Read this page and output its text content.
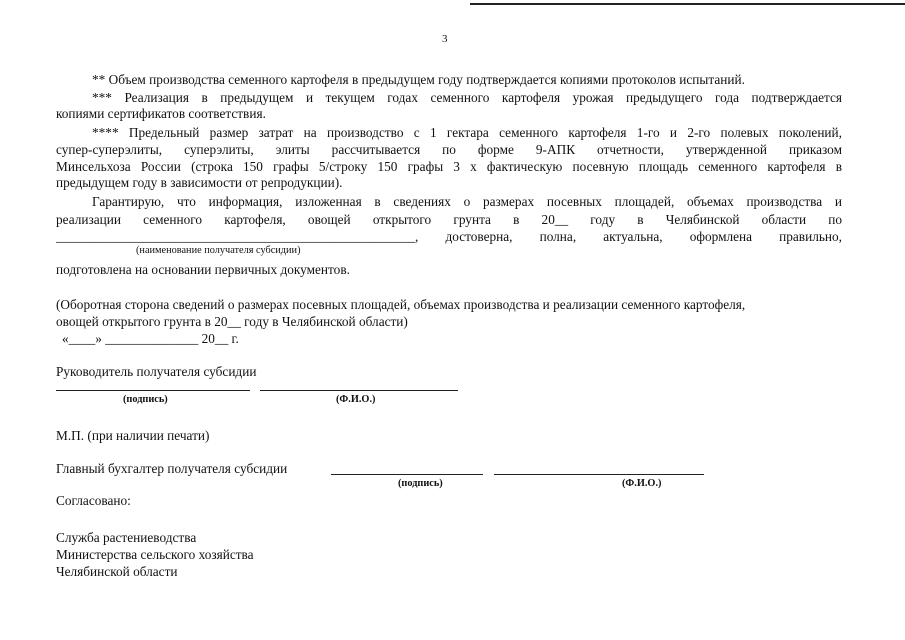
3
** Объем производства семенного картофеля в предыдущем году подтверждается копиями протоколов испытаний.
*** Реализация в предыдущем и текущем годах семенного картофеля урожая предыдущего года подтверждается
копиями сертификатов соответствия.
**** Предельный размер затрат на производство с 1 гектара семенного картофеля 1-го и 2-го полевых поколений,
супер-суперэлиты, суперэлиты, элиты рассчитывается по форме 9-АПК отчетности, утвержденной приказом
Минсельхоза России (строка 150 графы 5/строку 150 графы 3 х фактическую посевную площадь семенного картофеля в
предыдущем году в зависимости от репродукции).
Гарантирую, что информация, изложенная в сведениях о размерах посевных площадей, объемах производства и
реализации семенного картофеля, овощей открытого грунта в 20__ году в Челябинской области по
______________________________________________________, достоверна, полна, актуальна, оформлена правильно,
(наименование получателя субсидии)
подготовлена на основании первичных документов.
(Оборотная сторона сведений о размерах посевных площадей, объемах производства и реализации семенного картофеля,
овощей открытого грунта в 20__ году в Челябинской области)
«____» ______________ 20__ г.
Руководитель получателя субсидии
(подпись)	(Ф.И.О.)
М.П. (при наличии печати)
Главный бухгалтер получателя субсидии
(подпись)	(Ф.И.О.)
Согласовано:
Служба растениеводства
Министерства сельского хозяйства
Челябинской области
